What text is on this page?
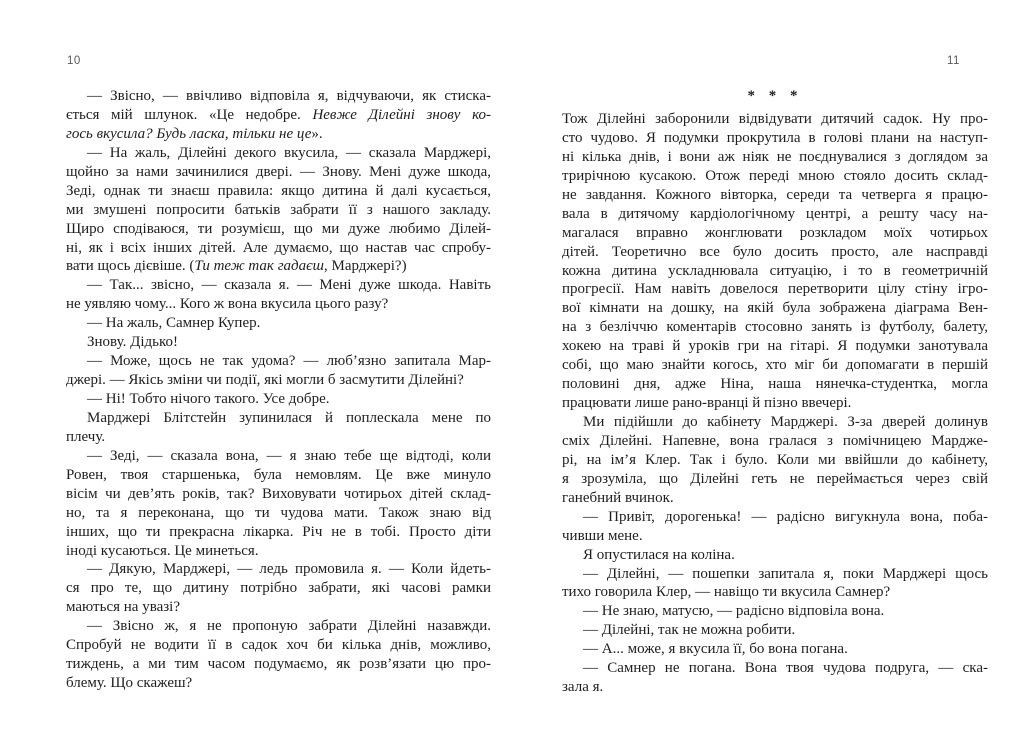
10	11
— Звісно, — ввічливо відповіла я, відчуваючи, як стиска-
ється мій шлунок. «Це недобре. Невже Ділейні знову ко-
гось вкусила? Будь ласка, тільки не це».
— На жаль, Ділейні декого вкусила, — сказала Марджері,
щойно за нами зачинилися двері. — Знову. Мені дуже шкода,
Зеді, однак ти знаєш правила: якщо дитина й далі кусається,
ми змушені попросити батьків забрати її з нашого закладу.
Щиро сподіваюся, ти розумієш, що ми дуже любимо Ділей-
ні, як і всіх інших дітей. Але думаємо, що настав час спробу-
вати щось дієвіше. (Ти теж так гадаєш, Марджері?)
— Так... звісно, — сказала я. — Мені дуже шкода. Навіть
не уявляю чому... Кого ж вона вкусила цього разу?
— На жаль, Самнер Купер.
Знову. Дідько!
— Може, щось не так удома? — люб’язно запитала Мар-
джері. — Якісь зміни чи події, які могли б засмутити Ділейні?
— Ні! Тобто нічого такого. Усе добре.
Марджері Блітстейн зупинилася й поплескала мене по
плечу.
— Зеді, — сказала вона, — я знаю тебе ще відтоді, коли
Ровен, твоя старшенька, була немовлям. Це вже минуло
вісім чи дев’ять років, так? Виховувати чотирьох дітей склад-
но, та я переконана, що ти чудова мати. Також знаю від
інших, що ти прекрасна лікарка. Річ не в тобі. Просто діти
іноді кусаються. Це минеться.
— Дякую, Марджері, — ледь промовила я. — Коли йдеть-
ся про те, що дитину потрібно забрати, які часові рамки
маються на увазі?
— Звісно ж, я не пропоную забрати Ділейні назавжди.
Спробуй не водити її в садок хоч би кілька днів, можливо,
тиждень, а ми тим часом подумаємо, як розв’язати цю про-
блему. Що скажеш?
* * *
Тож Ділейні заборонили відвідувати дитячий садок. Ну про-
сто чудово. Я подумки прокрутила в голові плани на наступ-
ні кілька днів, і вони аж ніяк не поєднувалися з доглядом за
трирічною кусакою. Отож переді мною стояло досить склад-
не завдання. Кожного вівторка, середи та четверга я працю-
вала в дитячому кардіологічному центрі, а решту часу на-
магалася вправно жонглювати розкладом моїх чотирьох
дітей. Теоретично все було досить просто, але насправді
кожна дитина ускладнювала ситуацію, і то в геометричній
прогресії. Нам навіть довелося перетворити цілу стіну ігро-
вої кімнати на дошку, на якій була зображена діаграма Вен-
на з безліччю коментарів стосовно занять із футболу, балету,
хокею на траві й уроків гри на гітарі. Я подумки занотувала
собі, що маю знайти когось, хто міг би допомагати в першій
половині дня, адже Ніна, наша нянечка-студентка, могла
працювати лише рано-вранці й пізно ввечері.
Ми підійшли до кабінету Марджері. З-за дверей долинув
сміх Ділейні. Напевне, вона гралася з помічницею Мардже-
рі, на ім’я Клер. Так і було. Коли ми ввійшли до кабінету,
я зрозуміла, що Ділейні геть не переймається через свій
ганебний вчинок.
— Привіт, дорогенька! — радісно вигукнула вона, поба-
чивши мене.
Я опустилася на коліна.
— Ділейні, — пошепки запитала я, поки Марджері щось
тихо говорила Клер, — навіщо ти вкусила Самнер?
— Не знаю, матусю, — радісно відповіла вона.
— Ділейні, так не можна робити.
— А... може, я вкусила її, бо вона погана.
— Самнер не погана. Вона твоя чудова подруга, — ска-
зала я.
